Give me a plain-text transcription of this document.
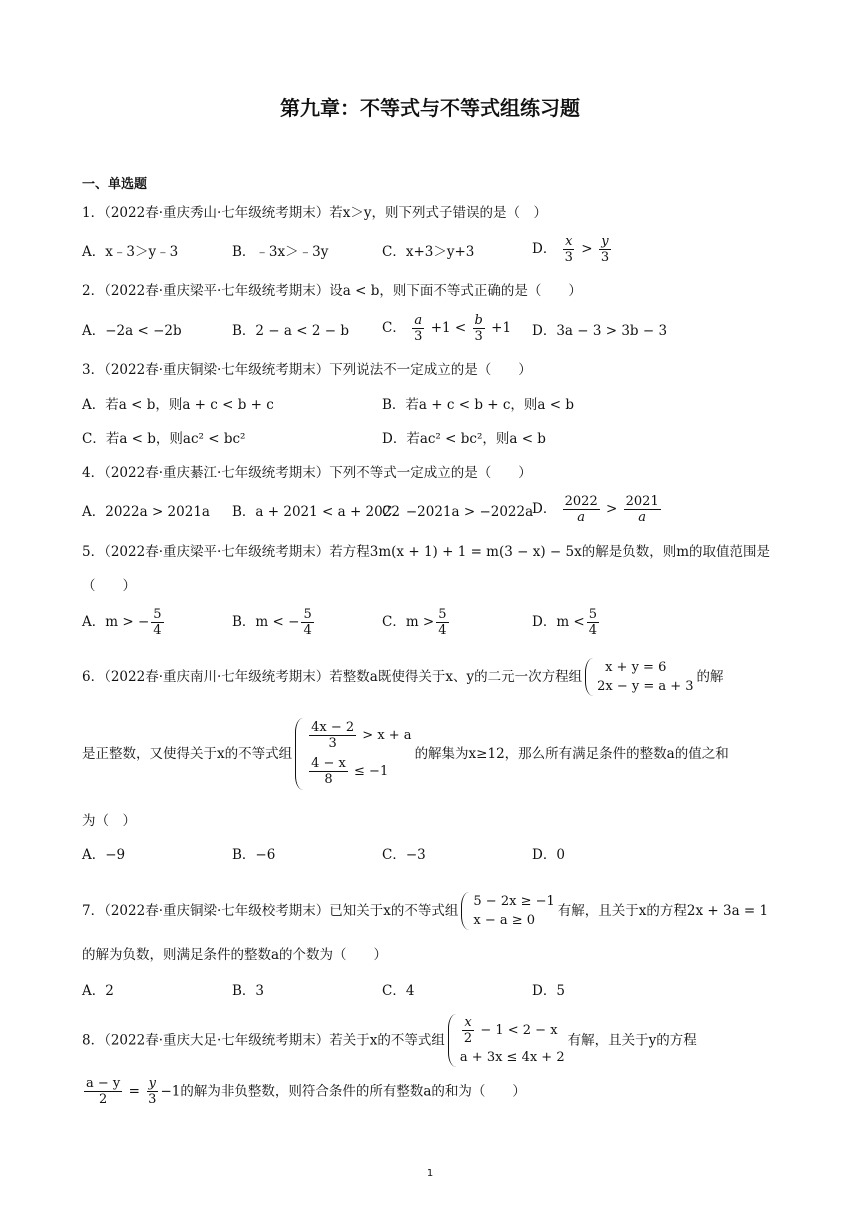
第九章：不等式与不等式组练习题
一、单选题
1．（2022春·重庆秀山·七年级统考期末）若x＞y，则下列式子错误的是（　）
A．x﹣3＞y﹣3	B．﹣3x＞﹣3y	C．x+3＞y+3	D． $\frac{x}{3} > \frac{y}{3}$
2．（2022春·重庆梁平·七年级统考期末）设a < b，则下面不等式正确的是（　　）
A．−2a < −2b	B．2 − a < 2 − b C． $\frac{a}{3} +1 < \frac{b}{3} +1$ D．3a − 3 > 3b − 3
3．（2022春·重庆铜梁·七年级统考期末）下列说法不一定成立的是（　　）
A．若a < b，则a + c < b + c	B．若a + c < b + c，则a < b
C．若a < b，则ac² < bc²	D．若ac² < bc²，则a < b
4．（2022春·重庆綦江·七年级统考期末）下列不等式一定成立的是（　　）
A．2022a > 2021a B．a + 2021 < a + 2022
C．−2021a > −2022a
D． $\frac{2022}{a} > \frac{2021}{a}$
5．（2022春·重庆梁平·七年级统考期末）若方程3m(x + 1) + 1 = m(3 − x) − 5x的解是负数，则m的取值范围是
（　　）
A．m > − $\frac{5}{4}$	B．m < − $\frac{5}{4}$	C．$m > \frac{5}{4}$	D．$m < \frac{5}{4}$
6．（2022春·重庆南川·七年级统考期末）若整数a既使得关于x、y的二元一次方程组
x + y = 6
2x − y = a + 3
的解
是正整数，又使得关于x的不等式组
$\frac{4x - 2}{3} > x + a$
$\frac{4 - x}{8} \le -1$
的解集为x≥12，那么所有满足条件的整数a的值之和
为（　）
A．−9	B．−6	C．−3	D．0
7．（2022春·重庆铜梁·七年级校考期末）已知关于x的不等式组
5 − 2x ≥ −1
x − a ≥ 0
有解，且关于x的方程2x + 3a = 1
的解为负数，则满足条件的整数a的个数为（　　）
A．2	B．3	C．4	D．5
8．（2022春·重庆大足·七年级统考期末）若关于x的不等式组 $\frac{x}{2} - 1 < 2 - x$
a + 3x ≤ 4x + 2
有解，且关于y的方程
$\frac{a - y}{2} = \frac{y}{3} -1$的解为非负整数，则符合条件的所有整数a的和为（　　）
1
